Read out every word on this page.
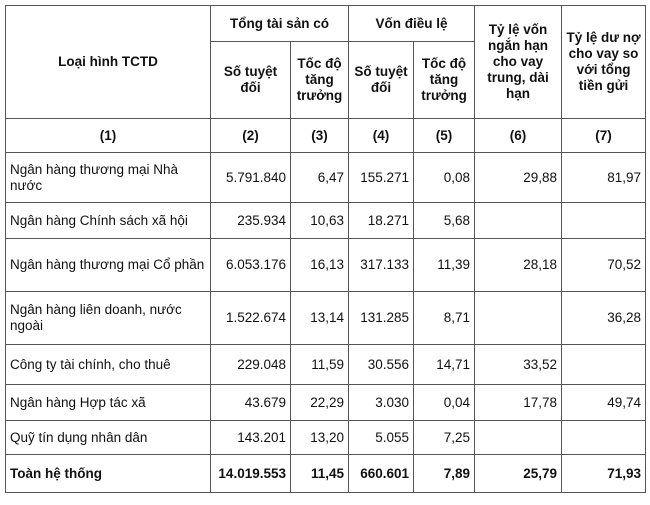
Loại hình TCTD	Tổng tài sản có		Vốn điều lệ		Tỷ lệ vốn ngắn hạn cho vay trung, dài hạn	Tỷ lệ dư nợ cho vay so với tổng tiền gửi
	Số tuyệt đối	Tốc độ tăng trưởng	Số tuyệt đối	Tốc độ tăng trưởng		
(1)	(2)	(3)	(4)	(5)	(6)	(7)
Ngân hàng thương mại Nhà nước	5.791.840	6,47	155.271	0,08	29,88	81,97
Ngân hàng Chính sách xã hội	235.934	10,63	18.271	5,68		
Ngân hàng thương mại Cổ phần	6.053.176	16,13	317.133	11,39	28,18	70,52
Ngân hàng liên doanh, nước ngoài	1.522.674	13,14	131.285	8,71		36,28
Công ty tài chính, cho thuê	229.048	11,59	30.556	14,71	33,52	
Ngân hàng Hợp tác xã	43.679	22,29	3.030	0,04	17,78	49,74
Quỹ tín dụng nhân dân	143.201	13,20	5.055	7,25		
Toàn hệ thống	14.019.553	11,45	660.601	7,89	25,79	71,93
